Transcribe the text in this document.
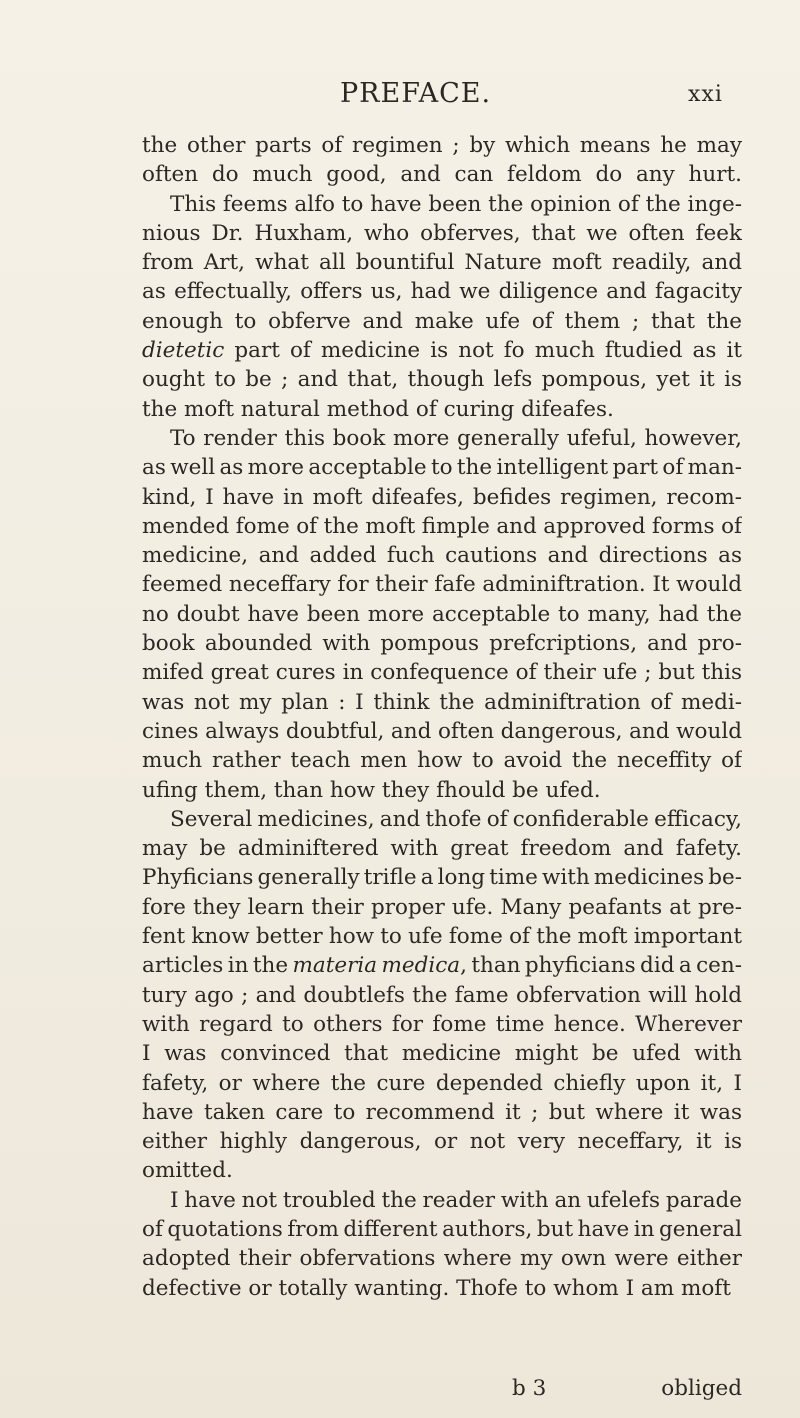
PREFACE.	xxi
the other parts of regimen ; by which means he may
often do much good, and can feldom do any hurt.
This feems alfo to have been the opinion of the inge-
nious Dr. Huxham, who obferves, that we often feek
from Art, what all bountiful Nature moft readily, and
as effectually, offers us, had we diligence and fagacity
enough to obferve and make ufe of them ; that the
dietetic part of medicine is not fo much ftudied as it
ought to be ; and that, though lefs pompous, yet it is
the moft natural method of curing difeafes.
To render this book more generally ufeful, however,
as well as more acceptable to the intelligent part of man-
kind, I have in moft difeafes, befides regimen, recom-
mended fome of the moft fimple and approved forms of
medicine, and added fuch cautions and directions as
feemed neceffary for their fafe adminiftration. It would
no doubt have been more acceptable to many, had the
book abounded with pompous prefcriptions, and pro-
mifed great cures in confequence of their ufe ; but this
was not my plan : I think the adminiftration of medi-
cines always doubtful, and often dangerous, and would
much rather teach men how to avoid the neceffity of
ufing them, than how they fhould be ufed.
Several medicines, and thofe of confiderable efficacy,
may be adminiftered with great freedom and fafety.
Phyficians generally trifle a long time with medicines be-
fore they learn their proper ufe. Many peafants at pre-
fent know better how to ufe fome of the moft important
articles in the materia medica, than phyficians did a cen-
tury ago ; and doubtlefs the fame obfervation will hold
with regard to others for fome time hence. Wherever
I was convinced that medicine might be ufed with
fafety, or where the cure depended chiefly upon it, I
have taken care to recommend it ; but where it was
either highly dangerous, or not very neceffary, it is
omitted.
I have not troubled the reader with an ufelefs parade
of quotations from different authors, but have in general
adopted their obfervations where my own were either
defective or totally wanting. Thofe to whom I am moft
b 3	obliged
